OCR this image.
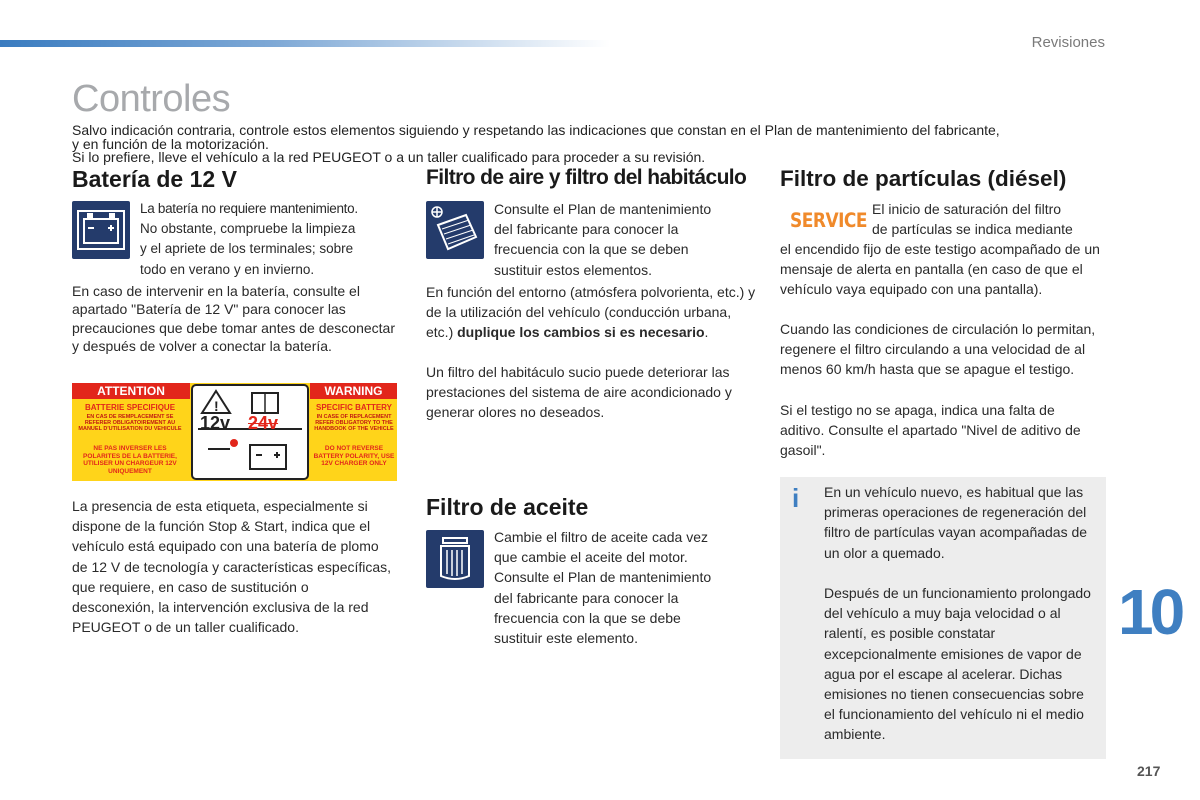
Revisiones
Controles

Salvo indicación contraria, controle estos elementos siguiendo y respetando las indicaciones que constan en el Plan de mantenimiento del fabricante,

y en función de la motorización.

Si lo prefiere, lleve el vehículo a la red PEUGEOT o a un taller cualificado para proceder a su revisión.

Batería de 12 V
La batería no requiere mantenimiento.
No obstante, compruebe la limpieza
y el apriete de los terminales; sobre
todo en verano y en invierno.

En caso de intervenir en la batería, consulte el apartado "Batería de 12 V" para conocer las precauciones que debe tomar antes de desconectar y después de volver a conectar la batería.

ATTENTION	WARNING
BATTERIE SPECIFIQUE
EN CAS DE REMPLACEMENT SE REFERER OBLIGATOIREMENT AU MANUEL D'UTILISATION DU VEHICULE
NE PAS INVERSER LES POLARITES DE LA BATTERIE, UTILISER UN CHARGEUR 12V UNIQUEMENT
SPECIFIC BATTERY
IN CASE OF REPLACEMENT REFER OBLIGATORY TO THE HANDBOOK OF THE VEHICLE
DO NOT REVERSE BATTERY POLARITY, USE 12V CHARGER ONLY
!
12v 24v

La presencia de esta etiqueta, especialmente si dispone de la función Stop & Start, indica que el vehículo está equipado con una batería de plomo de 12 V de tecnología y características específicas, que requiere, en caso de sustitución o desconexión, la intervención exclusiva de la red PEUGEOT o de un taller cualificado.

Filtro de aire y filtro del habitáculo
Consulte el Plan de mantenimiento
del fabricante para conocer la
frecuencia con la que se deben
sustituir estos elementos.

En función del entorno (atmósfera polvorienta, etc.) y de la utilización del vehículo (conducción urbana, etc.) duplique los cambios si es necesario.

Un filtro del habitáculo sucio puede deteriorar las prestaciones del sistema de aire acondicionado y generar olores no deseados.

Filtro de aceite
Cambie el filtro de aceite cada vez
que cambie el aceite del motor.
Consulte el Plan de mantenimiento
del fabricante para conocer la
frecuencia con la que se debe
sustituir este elemento.
Filtro de partículas (diésel)
SERVICE
El inicio de saturación del filtro
de partículas se indica mediante

el encendido fijo de este testigo acompañado de un mensaje de alerta en pantalla (en caso de que el vehículo vaya equipado con una pantalla).

Cuando las condiciones de circulación lo permitan, regenere el filtro circulando a una velocidad de al menos 60 km/h hasta que se apague el testigo.

Si el testigo no se apaga, indica una falta de aditivo. Consulte el apartado "Nivel de aditivo de gasoil".

i En un vehículo nuevo, es habitual que las primeras operaciones de regeneración del filtro de partículas vayan acompañadas de un olor a quemado.

Después de un funcionamiento prolongado del vehículo a muy baja velocidad o al ralentí, es posible constatar excepcionalmente emisiones de vapor de agua por el escape al acelerar. Dichas emisiones no tienen consecuencias sobre el funcionamiento del vehículo ni el medio ambiente.

10
217
